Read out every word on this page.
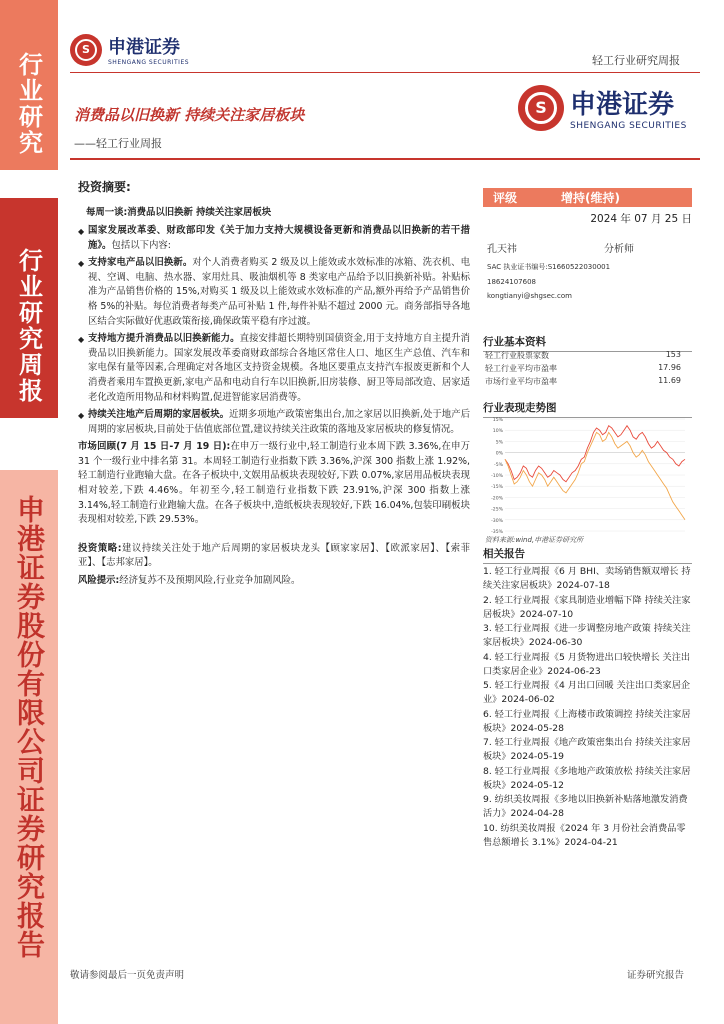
行业研究
行业研究周报
申港证券股份有限公司证券研究报告
S	申港证券
SHENGANG SECURITIES	轻工行业研究周报
消费品以旧换新 持续关注家居板块
——轻工行业周报
S 申港证券
SHENGANG SECURITIES
投资摘要:
每周一谈:消费品以旧换新 持续关注家居板块
◆ 国家发展改革委、财政部印发《关于加力支持大规模设备更新和消费品以旧换新的若干措施》。包括以下内容:

◆ 支持家电产品以旧换新。对个人消费者购买 2 级及以上能效或水效标准的冰箱、洗衣机、电视、空调、电脑、热水器、家用灶具、吸油烟机等 8 类家电产品给予以旧换新补贴。补贴标准为产品销售价格的 15%,对购买 1 级及以上能效或水效标准的产品,额外再给予产品销售价格 5%的补贴。每位消费者每类产品可补贴 1 件,每件补贴不超过 2000 元。商务部指导各地区结合实际做好优惠政策衔接,确保政策平稳有序过渡。

◆ 支持地方提升消费品以旧换新能力。直接安排超长期特别国债资金,用于支持地方自主提升消费品以旧换新能力。国家发展改革委商财政部综合各地区常住人口、地区生产总值、汽车和家电保有量等因素,合理确定对各地区支持资金规模。各地区要重点支持汽车报废更新和个人消费者乘用车置换更新,家电产品和电动自行车以旧换新,旧房装修、厨卫等局部改造、居家适老化改造所用物品和材料购置,促进智能家居消费等。

◆ 持续关注地产后周期的家居板块。近期多项地产政策密集出台,加之家居以旧换新,处于地产后周期的家居板块,目前处于估值底部位置,建议持续关注政策的落地及家居板块的修复情况。

市场回顾(7 月 15 日-7 月 19 日):在申万一级行业中,轻工制造行业本周下跌 3.36%,在申万 31 个一级行业中排名第 31。本周轻工制造行业指数下跌 3.36%,沪深 300 指数上涨 1.92%,轻工制造行业跑输大盘。在各子板块中,文娱用品板块表现较好,下跌 0.07%,家居用品板块表现相对较差,下跌 4.46%。年初至今,轻工制造行业指数下跌 23.91%,沪深 300 指数上涨 3.14%,轻工制造行业跑输大盘。在各子板块中,造纸板块表现较好,下跌 16.04%,包装印刷板块表现相对较差,下跌 29.53%。

投资策略:建议持续关注处于地产后周期的家居板块龙头【顾家家居】、【欧派家居】、【索菲亚】、【志邦家居】。

风险提示:经济复苏不及预期风险,行业竞争加剧风险。

评级	增持(维持)
2024 年 07 月 25 日
孔天祎	分析师
SAC 执业证书编号:S1660522030001
18624107608
kongtianyi@shgsec.com
行业基本资料
轻工行业股票家数	153
轻工行业平均市盈率	17.96
市场行业平均市盈率	11.69
行业表现走势图
15%
10%
5%
0%
-5%
-10%
-15%
-20%
-25%
-30%
-35%
资料来源:wind,申港证券研究所
相关报告
1. 轻工行业周报《6 月 BHI、卖场销售额双增长 持续关注家居板块》2024-07-18
2. 轻工行业周报《家具制造业增幅下降 持续关注家居板块》2024-07-10
3. 轻工行业周报《进一步调整房地产政策 持续关注家居板块》2024-06-30
4. 轻工行业周报《5 月货物进出口较快增长 关注出口类家居企业》2024-06-23
5. 轻工行业周报《4 月出口回暖 关注出口类家居企业》2024-06-02
6. 轻工行业周报《上海楼市政策调控 持续关注家居板块》2024-05-28
7. 轻工行业周报《地产政策密集出台 持续关注家居板块》2024-05-19
8. 轻工行业周报《多地地产政策放松 持续关注家居板块》2024-05-12
9. 纺织美妆周报《多地以旧换新补贴落地激发消费活力》2024-04-28
10. 纺织美妆周报《2024 年 3 月份社会消费品零售总额增长 3.1%》2024-04-21
敬请参阅最后一页免责声明	证券研究报告
